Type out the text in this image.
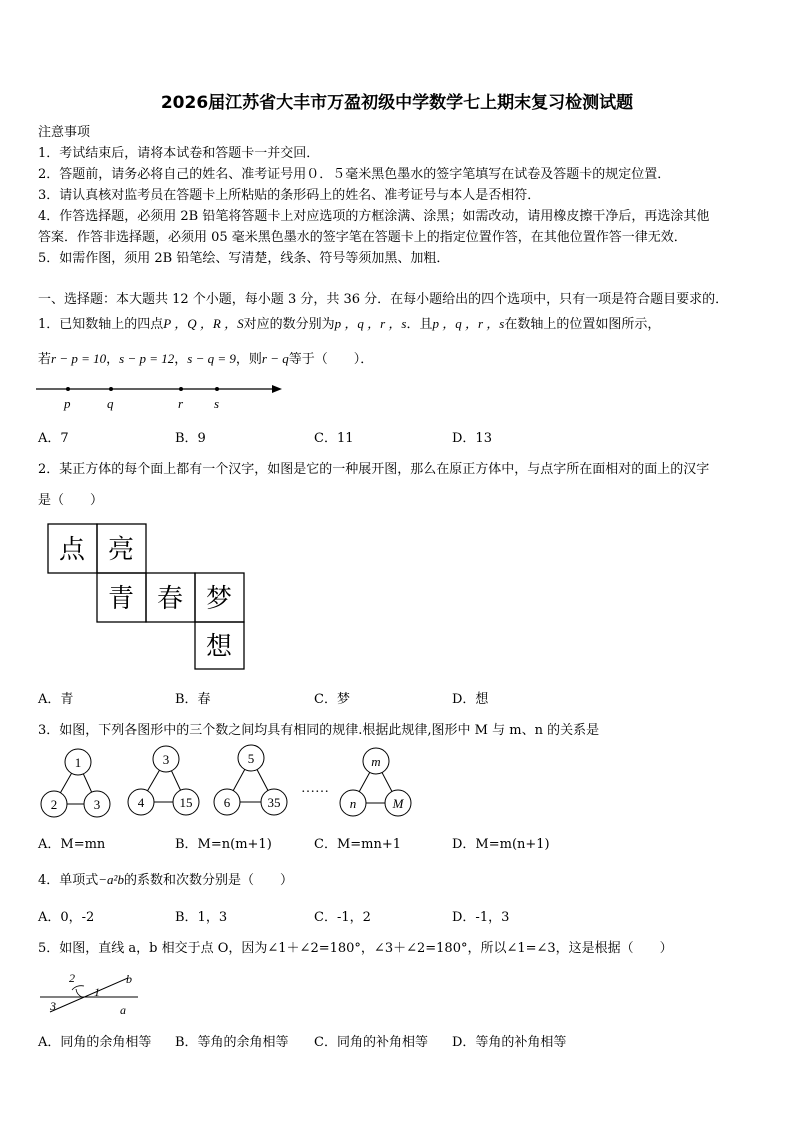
2026届江苏省大丰市万盈初级中学数学七上期末复习检测试题
注意事项
1．考试结束后，请将本试卷和答题卡一并交回．
2．答题前，请务必将自己的姓名、准考证号用０．５毫米黑色墨水的签字笔填写在试卷及答题卡的规定位置．
3．请认真核对监考员在答题卡上所粘贴的条形码上的姓名、准考证号与本人是否相符．
4．作答选择题，必须用 2B 铅笔将答题卡上对应选项的方框涂满、涂黑；如需改动，请用橡皮擦干净后，再选涂其他
答案．作答非选择题，必须用 05 毫米黑色墨水的签字笔在答题卡上的指定位置作答，在其他位置作答一律无效．
5．如需作图，须用 2B 铅笔绘、写清楚，线条、符号等须加黑、加粗．
一、选择题：本大题共 12 个小题，每小题 3 分，共 36 分．在每小题给出的四个选项中，只有一项是符合题目要求的．
1．已知数轴上的四点P ，Q ，R ，S对应的数分别为p ，q ，r ，s．且p ，q ，r ，s在数轴上的位置如图所示，
若r − p = 10，s − p = 12，s − q = 9，则r − q等于（　　）．
p	q	r s
A．7	B．9	C．11	D．13
2．某正方体的每个面上都有一个汉字，如图是它的一种展开图，那么在原正方体中，与点字所在面相对的面上的汉字
是（　　）
点 亮
青 春 梦
想
A．青	B．春	C．梦	D．想
3．如图，下列各图形中的三个数之间均具有相同的规律.根据此规律,图形中 M 与 m、n 的关系是
1
2	3
3
4	15
5
6	35
m
n	M
……
A．M=mn	B．M=n(m+1)	C．M=mn+1	D．M=m(n+1)
4．单项式−a²b的系数和次数分别是（　　）
A．0，-2	B．1，3	C．-1，2	D．-1，3
5．如图，直线 a，b 相交于点 O，因为∠1＋∠2=180°，∠3＋∠2=180°，所以∠1=∠3，这是根据（　　）
1
2
3	a
b
A．同角的余角相等 B．等角的余角相等 C．同角的补角相等 D．等角的补角相等
